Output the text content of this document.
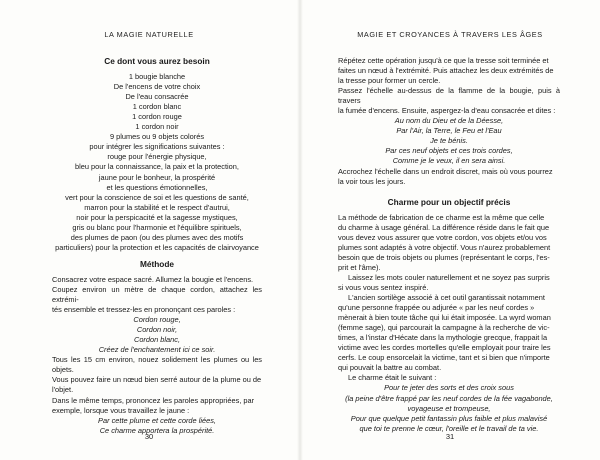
LA MAGIE NATURELLE
Ce dont vous aurez besoin
1 bougie blanche
De l'encens de votre choix
De l'eau consacrée
1 cordon blanc
1 cordon rouge
1 cordon noir
9 plumes ou 9 objets colorés
pour intégrer les significations suivantes :
rouge pour l'énergie physique,
bleu pour la connaissance, la paix et la protection,
jaune pour le bonheur, la prospérité
et les questions émotionnelles,
vert pour la conscience de soi et les questions de santé,
marron pour la stabilité et le respect d'autrui,
noir pour la perspicacité et la sagesse mystiques,
gris ou blanc pour l'harmonie et l'équilibre spirituels,
des plumes de paon (ou des plumes avec des motifs
particuliers) pour la protection et les capacités de clairvoyance
Méthode
Consacrez votre espace sacré. Allumez la bougie et l'encens.
Coupez environ un mètre de chaque cordon, attachez les extrémi-
tés ensemble et tressez-les en prononçant ces paroles :
Cordon rouge,
Cordon noir,
Cordon blanc,
Créez de l'enchantement ici ce soir.
Tous les 15 cm environ, nouez solidement les plumes ou les objets.
Vous pouvez faire un nœud bien serré autour de la plume ou de
l'objet.
Dans le même temps, prononcez les paroles appropriées, par
exemple, lorsque vous travaillez le jaune :
Par cette plume et cette corde liées,
Ce charme apportera la prospérité.
30
MAGIE ET CROYANCES À TRAVERS LES ÂGES
Répétez cette opération jusqu'à ce que la tresse soit terminée et
faites un nœud à l'extrémité. Puis attachez les deux extrémités de
la tresse pour former un cercle.
Passez l'échelle au-dessus de la flamme de la bougie, puis à travers
la fumée d'encens. Ensuite, aspergez-la d'eau consacrée et dites :
Au nom du Dieu et de la Déesse,
Par l'Air, la Terre, le Feu et l'Eau
Je te bénis.
Par ces neuf objets et ces trois cordes,
Comme je le veux, il en sera ainsi.
Accrochez l'échelle dans un endroit discret, mais où vous pourrez
la voir tous les jours.
Charme pour un objectif précis
La méthode de fabrication de ce charme est la même que celle
du charme à usage général. La différence réside dans le fait que
vous devez vous assurer que votre cordon, vos objets et/ou vos
plumes sont adaptés à votre objectif. Vous n'aurez probablement
besoin que de trois objets ou plumes (représentant le corps, l'es-
prit et l'âme).
Laissez les mots couler naturellement et ne soyez pas surpris
si vous vous sentez inspiré.
L'ancien sortilège associé à cet outil garantissait notamment
qu'une personne frappée ou adjurée « par les neuf cordes »
mènerait à bien toute tâche qui lui était imposée. La wyrd woman
(femme sage), qui parcourait la campagne à la recherche de vic-
times, a l'instar d'Hécate dans la mythologie grecque, frappait la
victime avec les cordes mortelles qu'elle employait pour traire les
cerfs. Le coup ensorcelait la victime, tant et si bien que n'importe
qui pouvait la battre au combat.
Le charme était le suivant :
Pour te jeter des sorts et des croix sous
(la peine d'être frappé par les neuf cordes de la fée vagabonde,
voyageuse et trompeuse,
Pour que quelque petit fantassin plus faible et plus malavisé
que toi te prenne le cœur, l'oreille et le travail de ta vie.
31
